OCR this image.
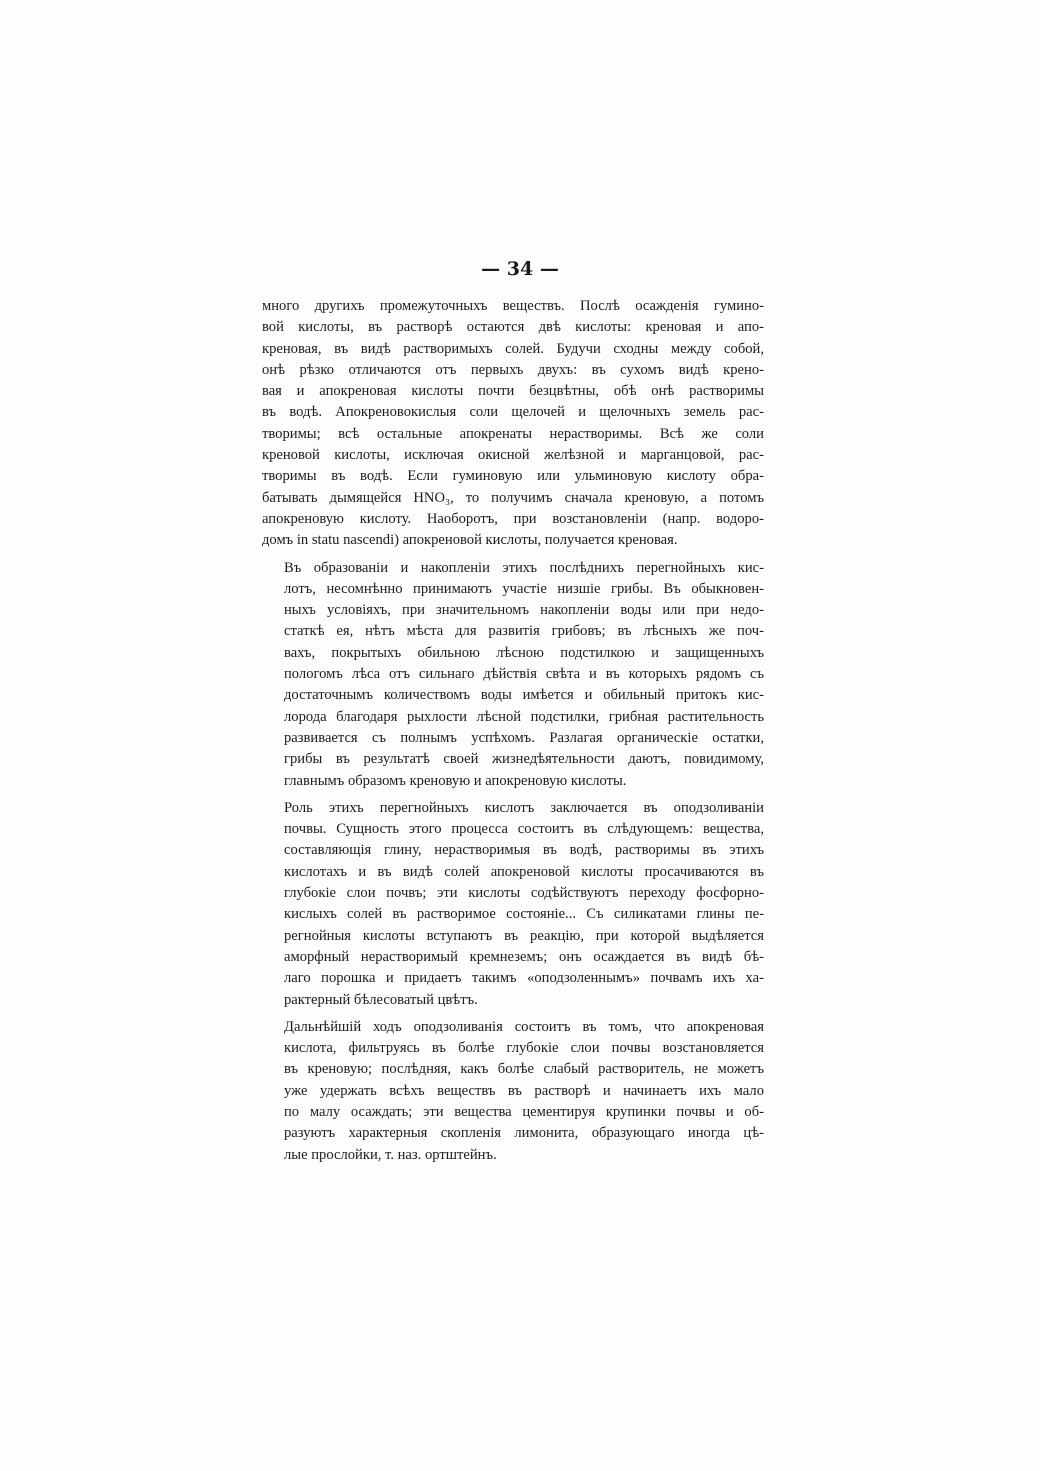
— 34 —

много другихъ промежуточныхъ веществъ. Послѣ осажденія гумино-
вой кислоты, въ растворѣ остаются двѣ кислоты: креновая и апо-
креновая, въ видѣ растворимыхъ солей. Будучи сходны между собой,
онѣ рѣзко отличаются отъ первыхъ двухъ: въ сухомъ видѣ крено-
вая и апокреновая кислоты почти безцвѣтны, обѣ онѣ растворимы
въ водѣ. Апокреновокислыя соли щелочей и щелочныхъ земель рас-
творимы; всѣ остальные апокренаты нерастворимы. Всѣ же соли
креновой кислоты, исключая окисной желѣзной и марганцовой, рас-
творимы въ водѣ. Если гуминовую или ульминовую кислоту обра-
батывать дымящейся HNO₃, то получимъ сначала креновую, а потомъ
апокреновую кислоту. Наоборотъ, при возстановленіи (напр. водоро-
домъ in statu nascendi) апокреновой кислоты, получается креновая.

Въ образованіи и накопленіи этихъ послѣднихъ перегнойныхъ кис-
лотъ, несомнѣнно принимаютъ участіе низшіе грибы. Въ обыкновен-
ныхъ условіяхъ, при значительномъ накопленіи воды или при недо-
статкѣ ея, нѣтъ мѣста для развитія грибовъ; въ лѣсныхъ же поч-
вахъ, покрытыхъ обильною лѣсною подстилкою и защищенныхъ
пологомъ лѣса отъ сильнаго дѣйствія свѣта и въ которыхъ рядомъ съ
достаточнымъ количествомъ воды имѣется и обильный притокъ кис-
лорода благодаря рыхлости лѣсной подстилки, грибная растительность
развивается съ полнымъ успѣхомъ. Разлагая органическіе остатки,
грибы въ результатѣ своей жизнедѣятельности даютъ, повидимому,
главнымъ образомъ креновую и апокреновую кислоты.

Роль этихъ перегнойныхъ кислотъ заключается въ оподзоливаніи
почвы. Сущность этого процесса состоитъ въ слѣдующемъ: вещества,
составляющія глину, нерастворимыя въ водѣ, растворимы въ этихъ
кислотахъ и въ видѣ солей апокреновой кислоты просачиваются въ
глубокіе слои почвъ; эти кислоты содѣйствуютъ переходу фосфорно-
кислыхъ солей въ растворимое состояніе... Съ силикатами глины пе-
регнойныя кислоты вступаютъ въ реакцію, при которой выдѣляется
аморфный нерастворимый кремнеземъ; онъ осаждается въ видѣ бѣ-
лаго порошка и придаетъ такимъ «оподзоленнымъ» почвамъ ихъ ха-
рактерный бѣлесоватый цвѣтъ.

Дальнѣйшій ходъ оподзоливанія состоитъ въ томъ, что апокреновая
кислота, фильтруясь въ болѣе глубокіе слои почвы возстановляется
въ креновую; послѣдняя, какъ болѣе слабый растворитель, не можетъ
уже удержать всѣхъ веществъ въ растворѣ и начинаетъ ихъ мало
по малу осаждать; эти вещества цементируя крупинки почвы и об-
разуютъ характерныя скопленія лимонита, образующаго иногда цѣ-
лые прослойки, т. наз. ортштейнъ.
